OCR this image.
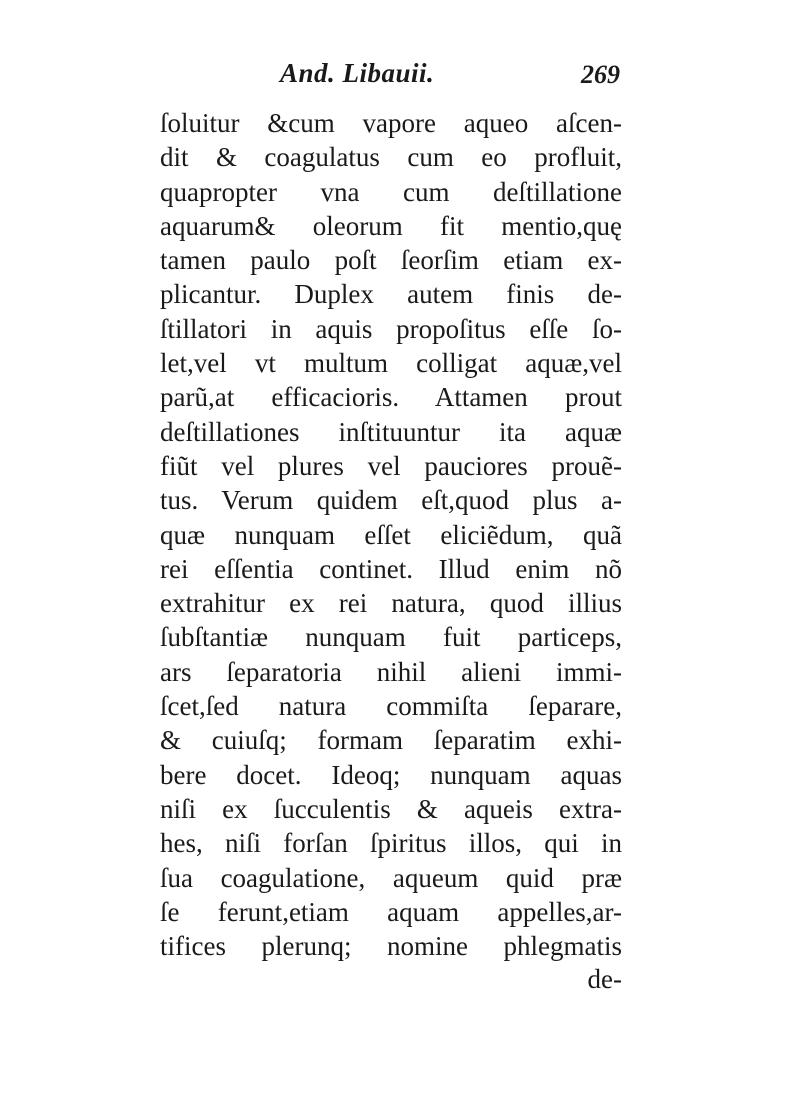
And. Libauii.	269
ſoluitur &cum vapore aqueo aſcen-
dit & coagulatus cum eo profluit,
quapropter vna cum deſtillatione
aquarum& oleorum fit mentio,quę
tamen paulo poſt ſeorſim etiam ex-
plicantur. Duplex autem finis de-
ſtillatori in aquis propoſitus eſſe ſo-
let,vel vt multum colligat aquæ,vel
parũ,at efficacioris. Attamen prout
deſtillationes inſtituuntur ita aquæ
fiũt vel plures vel pauciores prouẽ-
tus. Verum quidem eſt,quod plus a-
quæ nunquam eſſet eliciẽdum, quã
rei eſſentia continet. Illud enim nõ
extrahitur ex rei natura, quod illius
ſubſtantiæ nunquam fuit particeps,
ars ſeparatoria nihil alieni immi-
ſcet,ſed natura commiſta ſeparare,
& cuiuſq; formam ſeparatim exhi-
bere docet. Ideoq; nunquam aquas
niſi ex ſucculentis & aqueis extra-
hes, niſi forſan ſpiritus illos, qui in
ſua coagulatione, aqueum quid præ
ſe ferunt,etiam aquam appelles,ar-
tifices plerunq; nomine phlegmatis
de-
